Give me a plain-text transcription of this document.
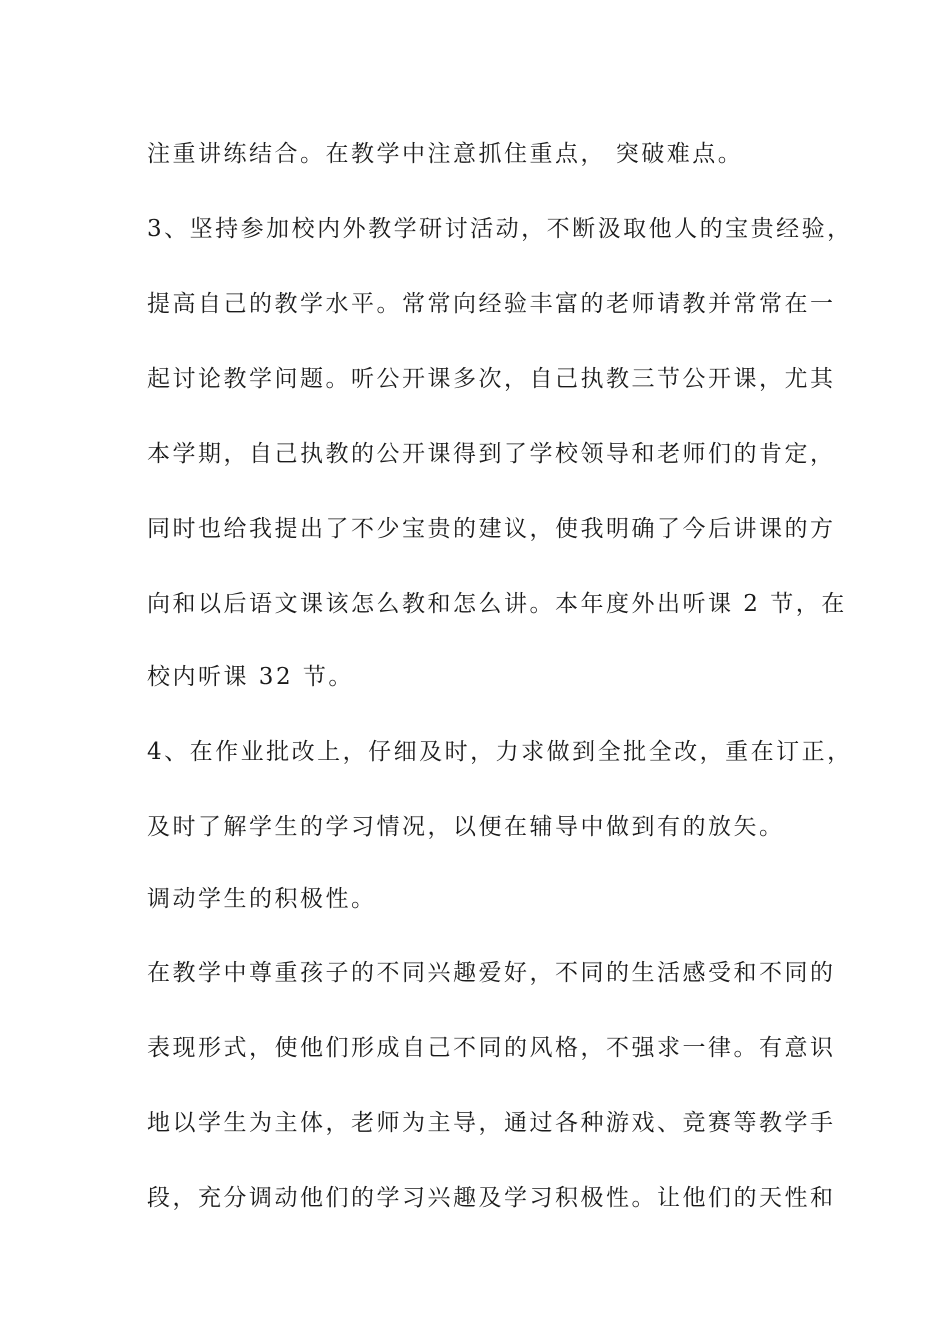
注重讲练结合。在教学中注意抓住重点， 突破难点。
3、坚持参加校内外教学研讨活动，不断汲取他人的宝贵经验，
提高自己的教学水平。常常向经验丰富的老师请教并常常在一
起讨论教学问题。听公开课多次，自己执教三节公开课，尤其
本学期，自己执教的公开课得到了学校领导和老师们的肯定，
同时也给我提出了不少宝贵的建议，使我明确了今后讲课的方
向和以后语文课该怎么教和怎么讲。本年度外出听课 2 节，在
校内听课 32 节。
4、在作业批改上，仔细及时，力求做到全批全改，重在订正，
及时了解学生的学习情况，以便在辅导中做到有的放矢。
调动学生的积极性。
在教学中尊重孩子的不同兴趣爱好，不同的生活感受和不同的
表现形式，使他们形成自己不同的风格，不强求一律。有意识
地以学生为主体，老师为主导，通过各种游戏、竞赛等教学手
段，充分调动他们的学习兴趣及学习积极性。让他们的天性和
